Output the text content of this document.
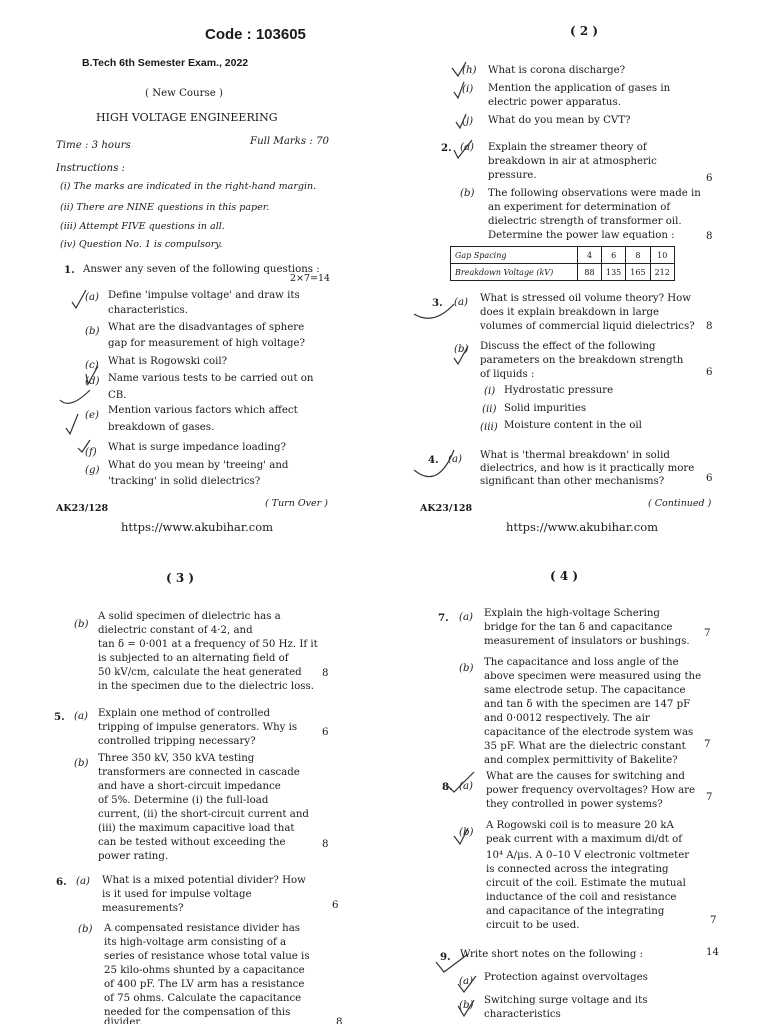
Code : 103605
B.Tech 6th Semester Exam., 2022
( New Course )
HIGH VOLTAGE ENGINEERING
Time : 3 hours	Full Marks : 70
Instructions :
(i) The marks are indicated in the right-hand margin.
(ii) There are NINE questions in this paper.
(iii) Attempt FIVE questions in all.
(iv) Question No. 1 is compulsory.
1. Answer any seven of the following questions :
2×7=14
(a) Define 'impulse voltage' and draw its
characteristics.
(b) What are the disadvantages of sphere
gap for measurement of high voltage?
(c) What is Rogowski coil?
(d) Name various tests to be carried out on
CB.
(e) Mention various factors which affect
breakdown of gases.
(f) What is surge impedance loading?
(g) What do you mean by 'treeing' and
'tracking' in solid dielectrics?
AK23/128	( Turn Over )
( 2 )
(h) What is corona discharge?
(i) Mention the application of gases in
electric power apparatus.
(j) What do you mean by CVT?
2. (a) Explain the streamer theory of
breakdown in air at atmospheric
pressure.	6
(b) The following observations were made in
an experiment for determination of
dielectric strength of transformer oil.
Determine the power law equation :	8
Gap Spacing	4	6	8	10
Breakdown Voltage (kV)	88	135	165	212
3. (a) What is stressed oil volume theory? How
does it explain breakdown in large
volumes of commercial liquid dielectrics? 8
(b) Discuss the effect of the following
parameters on the breakdown strength
of liquids :	6
(i) Hydrostatic pressure
(ii) Solid impurities
(iii) Moisture content in the oil
4. (a) What is 'thermal breakdown' in solid
dielectrics, and how is it practically more
significant than other mechanisms?	6
AK23/128	( Continued )
https://www.akubihar.com	https://www.akubihar.com
( 3 )
(b)
A solid specimen of dielectric has a
dielectric constant of 4·2, and
tan δ = 0·001 at a frequency of 50 Hz. If it
is subjected to an alternating field of
50 kV/cm, calculate the heat generated
in the specimen due to the dielectric loss.
8
5. (a) Explain one method of controlled
tripping of impulse generators. Why is
controlled tripping necessary?
6
(b) Three 350 kV, 350 kVA testing
transformers are connected in cascade
and have a short-circuit impedance
of 5%. Determine (i) the full-load
current, (ii) the short-circuit current and
(iii) the maximum capacitive load that
can be tested without exceeding the
power rating.
8
6. (a) What is a mixed potential divider? How
is it used for impulse voltage
measurements?	6
(b) A compensated resistance divider has
its high-voltage arm consisting of a
series of resistance whose total value is
25 kilo-ohms shunted by a capacitance
of 400 pF. The LV arm has a resistance
of 75 ohms. Calculate the capacitance
needed for the compensation of this
divider.	8
( 4 )
7. (a) Explain the high-voltage Schering
bridge for the tan δ and capacitance
measurement of insulators or bushings.
7
(b)
The capacitance and loss angle of the
above specimen were measured using the
same electrode setup. The capacitance
and tan δ with the specimen are 147 pF
and 0·0012 respectively. The air
capacitance of the electrode system was
35 pF. What are the dielectric constant
and complex permittivity of Bakelite?
7
8. (a)
What are the causes for switching and
power frequency overvoltages? How are
they controlled in power systems?
7
(b)
A Rogowski coil is to measure 20 kA
peak current with a maximum di/dt of
10⁴ A/μs. A 0–10 V electronic voltmeter
is connected across the integrating
circuit of the coil. Estimate the mutual
inductance of the coil and resistance
and capacitance of the integrating
circuit to be used.	7
9. Write short notes on the following :	14
(a) Protection against overvoltages
(b) Switching surge voltage and its
characteristics
